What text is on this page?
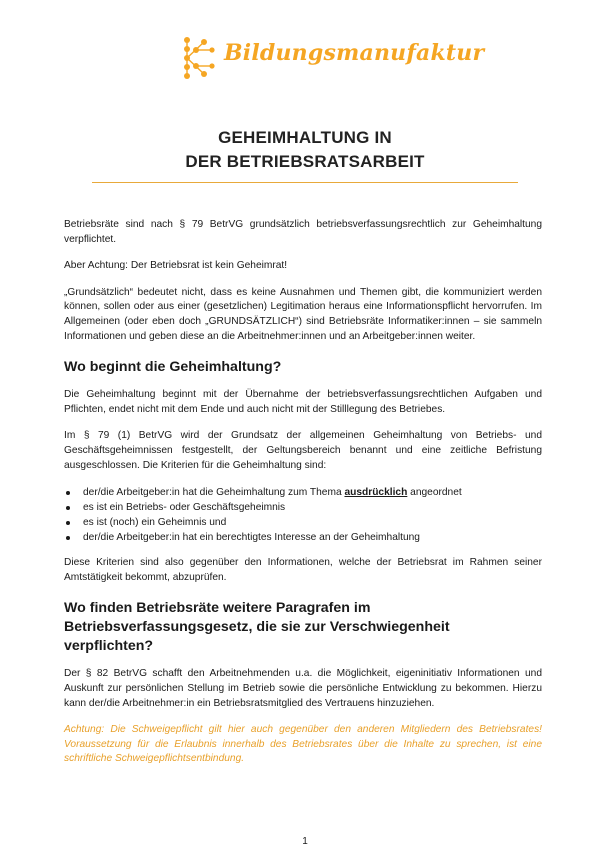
Bildungsmanufaktur
GEHEIMHALTUNG IN
DER BETRIEBSRATSARBEIT

Betriebsräte sind nach § 79 BetrVG grundsätzlich betriebsverfassungsrechtlich zur Geheimhaltung verpflichtet.

Aber Achtung: Der Betriebsrat ist kein Geheimrat!

„Grundsätzlich“ bedeutet nicht, dass es keine Ausnahmen und Themen gibt, die kommuniziert werden können, sollen oder aus einer (gesetzlichen) Legitimation heraus eine Informationspflicht hervorrufen. Im Allgemeinen (oder eben doch „GRUNDSÄTZLICH“) sind Betriebsräte Informatiker:innen – sie sammeln Informationen und geben diese an die Arbeitnehmer:innen und an Arbeitgeber:innen weiter.

Wo beginnt die Geheimhaltung?

Die Geheimhaltung beginnt mit der Übernahme der betriebsverfassungsrechtlichen Aufgaben und Pflichten, endet nicht mit dem Ende und auch nicht mit der Stilllegung des Betriebes.

Im § 79 (1) BetrVG wird der Grundsatz der allgemeinen Geheimhaltung von Betriebs- und Geschäftsgeheimnissen festgestellt, der Geltungsbereich benannt und eine zeitliche Befristung ausgeschlossen. Die Kriterien für die Geheimhaltung sind:

der/die Arbeitgeber:in hat die Geheimhaltung zum Thema ausdrücklich angeordnet
es ist ein Betriebs- oder Geschäftsgeheimnis
es ist (noch) ein Geheimnis und
der/die Arbeitgeber:in hat ein berechtigtes Interesse an der Geheimhaltung

Diese Kriterien sind also gegenüber den Informationen, welche der Betriebsrat im Rahmen seiner Amtstätigkeit bekommt, abzuprüfen.

Wo finden Betriebsräte weitere Paragrafen im Betriebsverfassungsgesetz, die sie zur Verschwiegenheit verpflichten?

Der § 82 BetrVG schafft den Arbeitnehmenden u.a. die Möglichkeit, eigeninitiativ Informationen und Auskunft zur persönlichen Stellung im Betrieb sowie die persönliche Entwicklung zu bekommen. Hierzu kann der/die Arbeitnehmer:in ein Betriebsratsmitglied des Vertrauens hinzuziehen.

Achtung: Die Schweigepflicht gilt hier auch gegenüber den anderen Mitgliedern des Betriebsrates! Voraussetzung für die Erlaubnis innerhalb des Betriebsrates über die Inhalte zu sprechen, ist eine schriftliche Schweigepflichtsentbindung.

1
